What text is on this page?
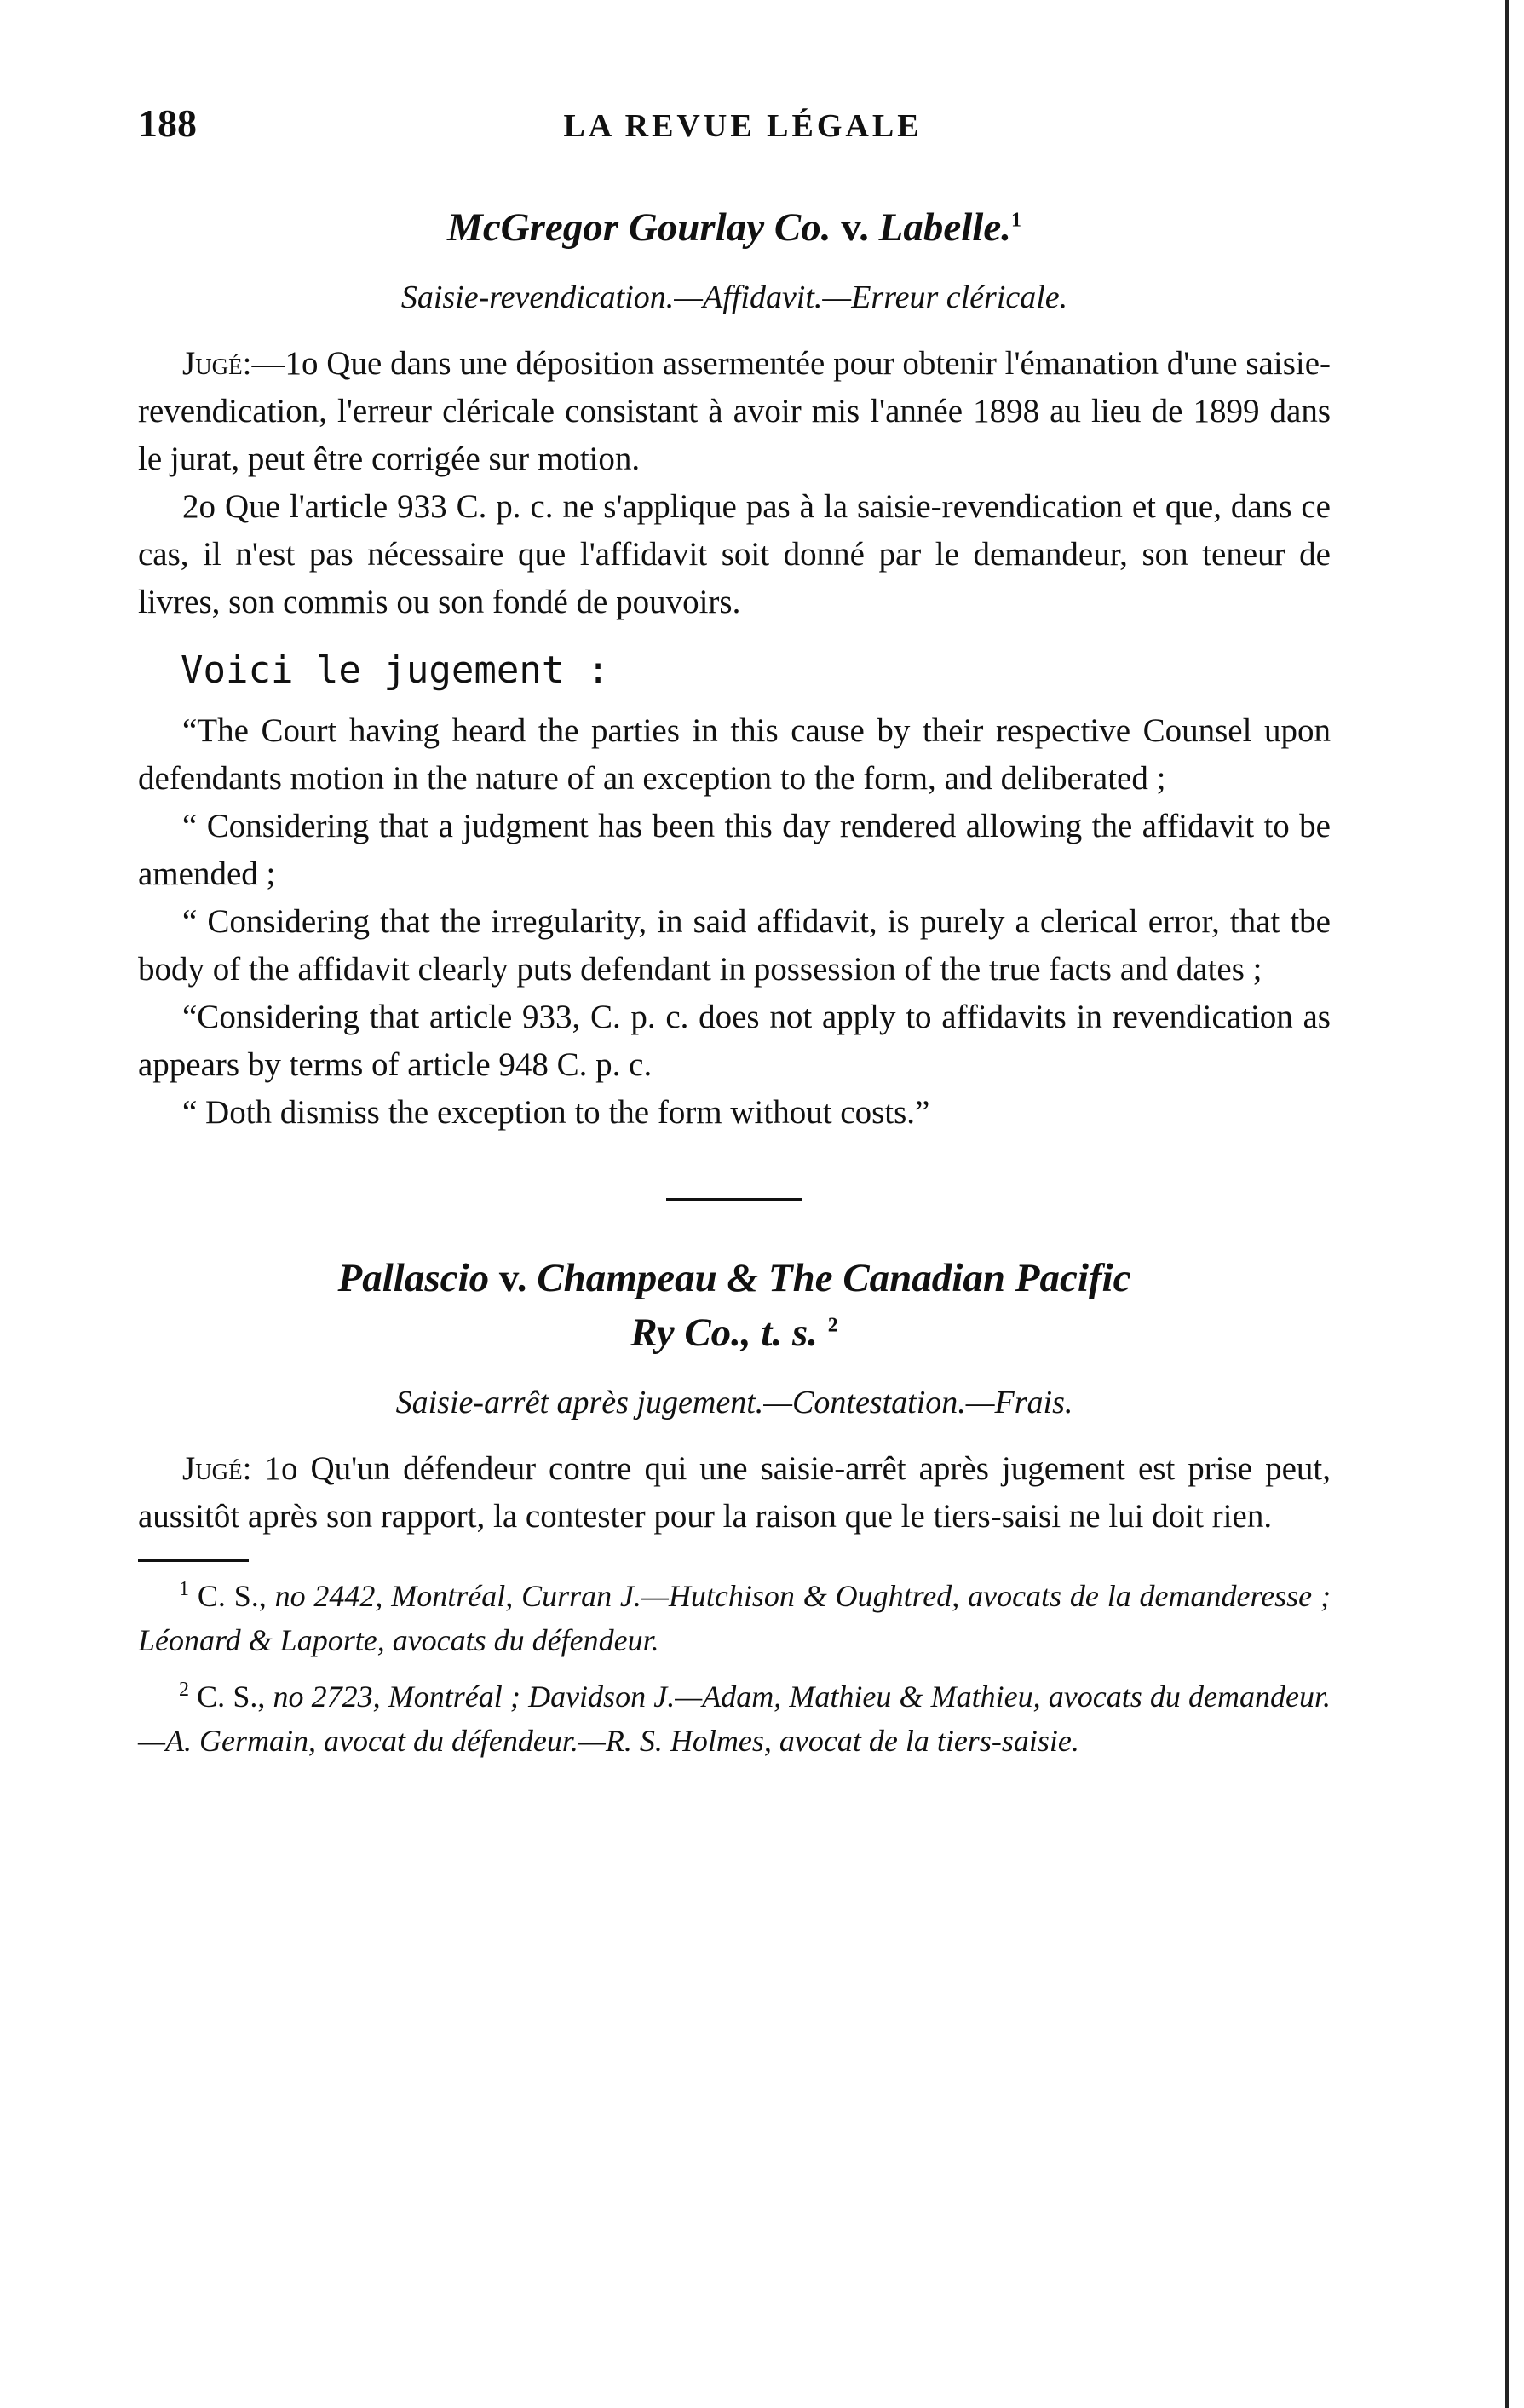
188	LA REVUE LÉGALE
McGregor Gourlay Co. v. Labelle.$^1$
Saisie-revendication.—Affidavit.—Erreur cléricale.

Jugé:—1o Que dans une déposition assermentée pour obtenir l'émanation d'une saisie-revendication, l'erreur cléricale consistant à avoir mis l'année 1898 au lieu de 1899 dans le jurat, peut être corrigée sur motion.

2o Que l'article 933 C. p. c. ne s'applique pas à la saisie-revendication et que, dans ce cas, il n'est pas nécessaire que l'affidavit soit donné par le demandeur, son teneur de livres, son commis ou son fondé de pouvoirs.

Voici le jugement :

“The Court having heard the parties in this cause by their respective Counsel upon defendants motion in the nature of an exception to the form, and deliberated ;

“ Considering that a judgment has been this day rendered allowing the affidavit to be amended ;

“ Considering that the irregularity, in said affidavit, is purely a clerical error, that tbe body of the affidavit clearly puts defendant in possession of the true facts and dates ;

“Considering that article 933, C. p. c. does not apply to affidavits in revendication as appears by terms of article 948 C. p. c.

“ Doth dismiss the exception to the form without costs.”

Pallascio v. Champeau & The Canadian Pacific
Ry Co., t. s. $^2$
Saisie-arrêt après jugement.—Contestation.—Frais.

Jugé: 1o Qu'un défendeur contre qui une saisie-arrêt après jugement est prise peut, aussitôt après son rapport, la contester pour la raison que le tiers-saisi ne lui doit rien.

$^1$ C. S., no 2442, Montréal, Curran J.—Hutchison & Oughtred, avocats de la demanderesse ; Léonard & Laporte, avocats du défendeur.

$^2$ C. S., no 2723, Montréal ; Davidson J.—Adam, Mathieu & Mathieu, avocats du demandeur.—A. Germain, avocat du défendeur.—R. S. Holmes, avocat de la tiers-saisie.
